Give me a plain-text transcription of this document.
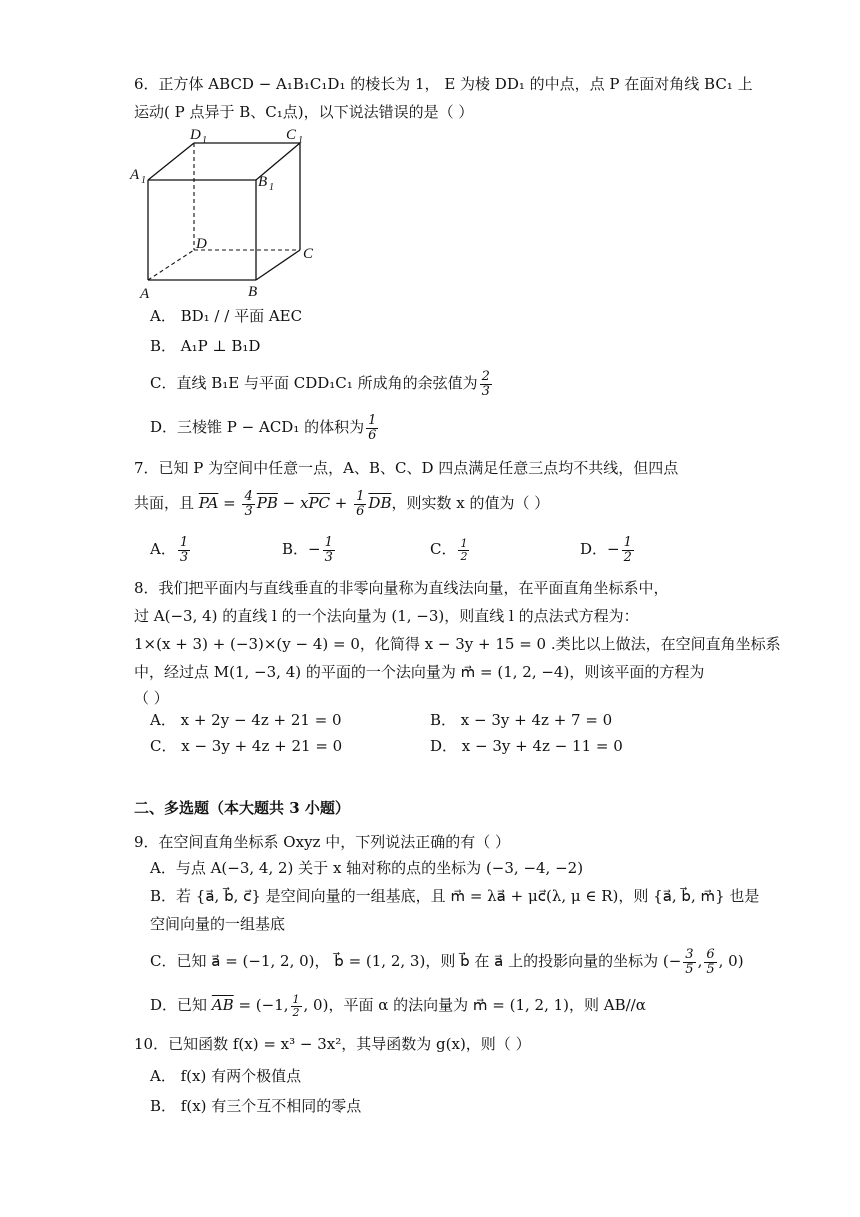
6．正方体 ABCD − A₁B₁C₁D₁ 的棱长为 1， E 为棱 DD₁ 的中点，点 P 在面对角线 BC₁ 上
运动( P 点异于 B、C₁点)，以下说法错误的是（ ）
D 1	C 1
A 1	B 1
D
C
A	B
A． BD₁ / / 平面 AEC
B． A₁P ⊥ B₁D
C．直线 B₁E 与平面 CDD₁C₁ 所成角的余弦值为 $\frac{2}{3}$
D．三棱锥 P − ACD₁ 的体积为 $\frac{1}{6}$
7．已知 P 为空间中任意一点，A、B、C、D 四点满足任意三点均不共线，但四点
共面，且 $\overline{PA} = \frac{4}{3} \overline{PB} - x\overline{PC} + \frac{1}{6} \overline{DB}$，则实数 x 的值为（ ）
A． $\frac{1}{3}$	B．− $\frac{1}{3}$	C． $\frac{1}{2}$	D．− $\frac{1}{2}$
8．我们把平面内与直线垂直的非零向量称为直线法向量，在平面直角坐标系中，
过 A(−3, 4) 的直线 l 的一个法向量为 (1, −3)，则直线 l 的点法式方程为：
1×(x + 3) + (−3)×(y − 4) = 0，化简得 x − 3y + 15 = 0 .类比以上做法，在空间直角坐标系
中，经过点 M(1, −3, 4) 的平面的一个法向量为 m⃗ = (1, 2, −4)，则该平面的方程为
（ ）
A． x + 2y − 4z + 21 = 0	B． x − 3y + 4z + 7 = 0
C． x − 3y + 4z + 21 = 0	D． x − 3y + 4z − 11 = 0
二、多选题（本大题共 3 小题）
9．在空间直角坐标系 Oxyz 中，下列说法正确的有（ ）
A．与点 A(−3, 4, 2) 关于 x 轴对称的点的坐标为 (−3, −4, −2)
B．若 {a⃗, b⃗, c⃗} 是空间向量的一组基底，且 m⃗ = λa⃗ + μc⃗(λ, μ ∈ R)，则 {a⃗, b⃗, m⃗} 也是
空间向量的一组基底
C．已知 a⃗ = (−1, 2, 0)， b⃗ = (1, 2, 3)，则 b⃗ 在 a⃗ 上的投影向量的坐标为 (− $\frac{3}{5}$ , $\frac{6}{5}$ , 0)
D．已知 $\overline{AB} = (-1$, $\frac{1}{2}$ , 0)，平面 α 的法向量为 m⃗ = (1, 2, 1)，则 AB//α
10．已知函数 f(x) = x³ − 3x²，其导函数为 g(x)，则（ ）
A． f(x) 有两个极值点
B． f(x) 有三个互不相同的零点
